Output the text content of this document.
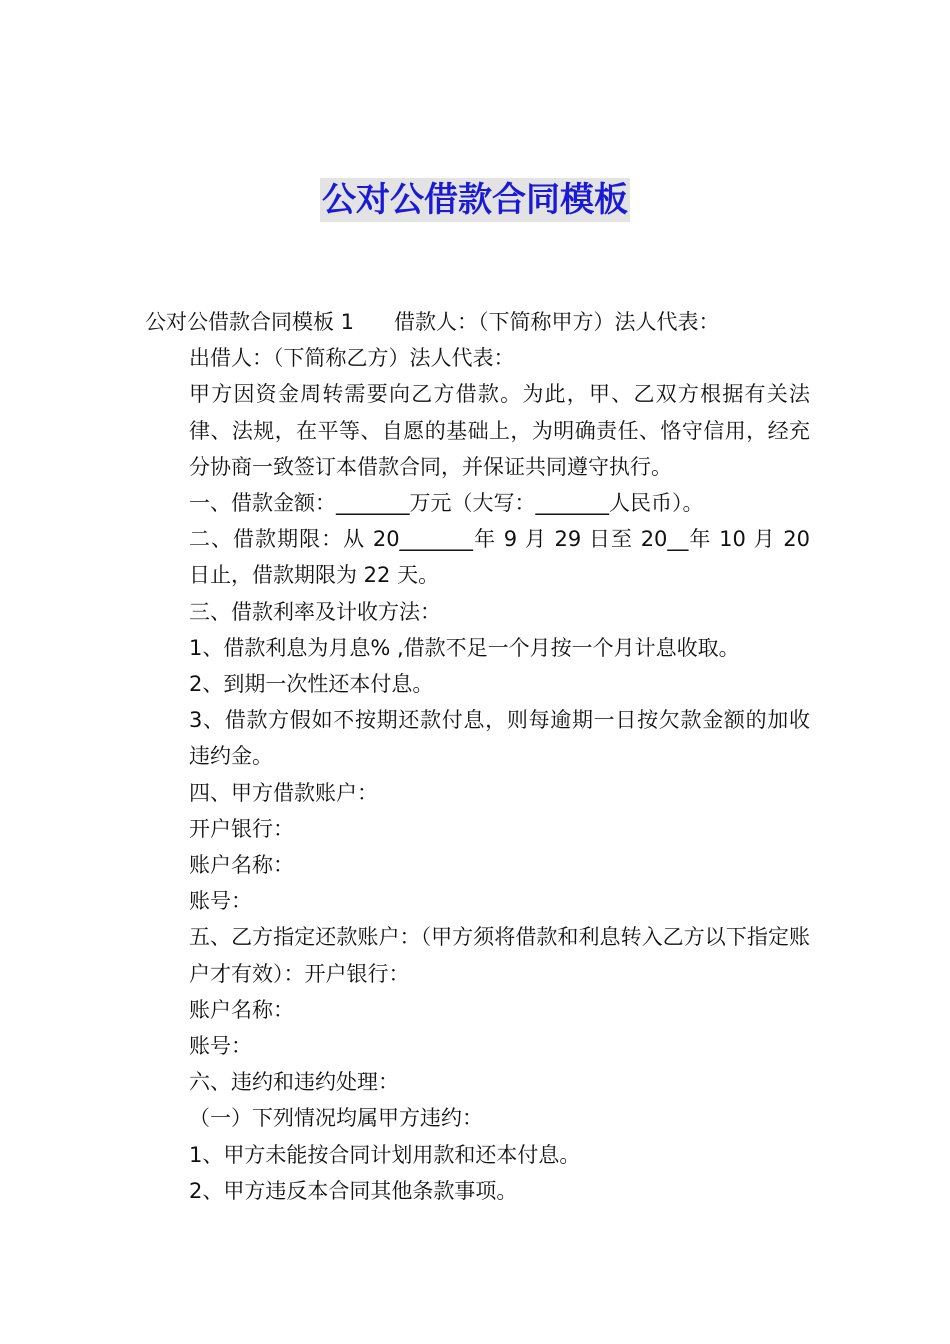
公对公借款合同模板

公对公借款合同模板 1 借款人：（下简称甲方）法人代表：

出借人：（下简称乙方）法人代表：

甲方因资金周转需要向乙方借款。为此，甲、乙双方根据有关法律、法规，在平等、自愿的基础上，为明确责任、恪守信用，经充分协商一致签订本借款合同，并保证共同遵守执行。

一、借款金额：_______万元（大写：_______人民币）。

二、借款期限：从 20_______年 9 月 29 日至 20__年 10 月 20 日止，借款期限为 22 天。

三、借款利率及计收方法：

1、借款利息为月息% ,借款不足一个月按一个月计息收取。

2、到期一次性还本付息。

3、借款方假如不按期还款付息，则每逾期一日按欠款金额的加收违约金。

四、甲方借款账户：

开户银行：

账户名称：

账号：

五、乙方指定还款账户：（甲方须将借款和利息转入乙方以下指定账户才有效）：开户银行：

账户名称：

账号：

六、违约和违约处理：

（一）下列情况均属甲方违约：

1、甲方未能按合同计划用款和还本付息。

2、甲方违反本合同其他条款事项。
